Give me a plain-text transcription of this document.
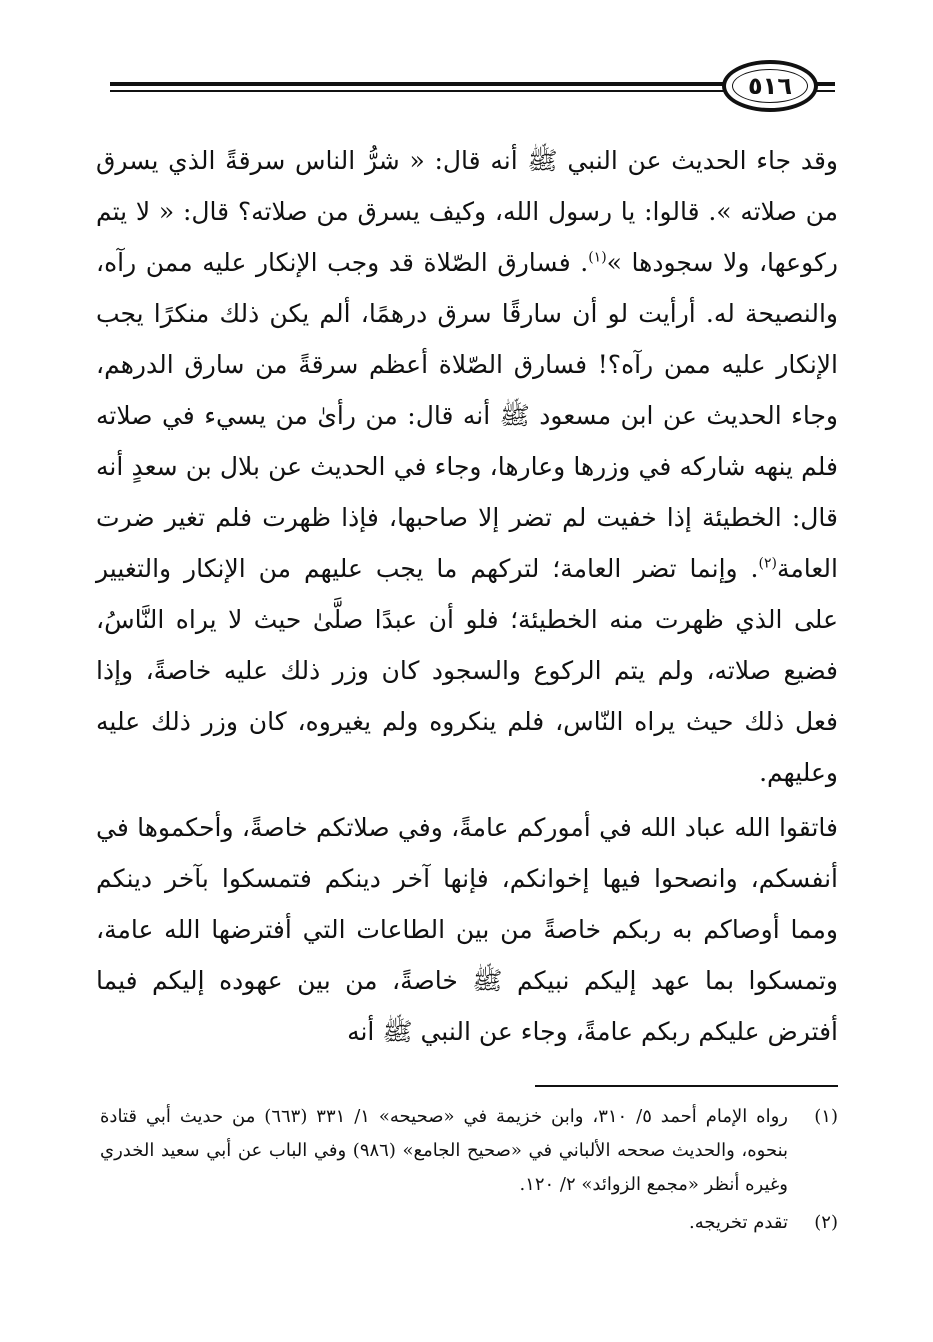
٥١٦

وقد جاء الحديث عن النبي ﷺ أنه قال: « شرُّ الناس سرقةً الذي يسرق من صلاته ». قالوا: يا رسول الله، وكيف يسرق من صلاته؟ قال: « لا يتم ركوعها، ولا سجودها »$^{(١)}$. فسارق الصّلاة قد وجب الإنكار عليه ممن رآه، والنصيحة له. أرأيت لو أن سارقًا سرق درهمًا، ألم يكن ذلك منكرًا يجب الإنكار عليه ممن رآه؟! فسارق الصّلاة أعظم سرقةً من سارق الدرهم، وجاء الحديث عن ابن مسعود ﷺ أنه قال: من رأىٰ من يسيء في صلاته فلم ينهه شاركه في وزرها وعارها، وجاء في الحديث عن بلال بن سعدٍ أنه قال: الخطيئة إذا خفيت لم تضر إلا صاحبها، فإذا ظهرت فلم تغير ضرت العامة$^{(٢)}$. وإنما تضر العامة؛ لتركهم ما يجب عليهم من الإنكار والتغيير على الذي ظهرت منه الخطيئة؛ فلو أن عبدًا صلَّىٰ حيث لا يراه النَّاسُ، فضيع صلاته، ولم يتم الركوع والسجود كان وزر ذلك عليه خاصةً، وإذا فعل ذلك حيث يراه النّاس، فلم ينكروه ولم يغيروه، كان وزر ذلك عليه وعليهم.

فاتقوا الله عباد الله في أموركم عامةً، وفي صلاتكم خاصةً، وأحكموها في أنفسكم، وانصحوا فيها إخوانكم، فإنها آخر دينكم فتمسكوا بآخر دينكم ومما أوصاكم به ربكم خاصةً من بين الطاعات التي أفترضها الله عامة، وتمسكوا بما عهد إليكم نبيكم ﷺ خاصةً، من بين عهوده إليكم فيما أفترض عليكم ربكم عامةً، وجاء عن النبي ﷺ أنه

(١)
رواه الإمام أحمد ٥/ ٣١٠، وابن خزيمة في «صحيحه» ١/ ٣٣١ (٦٦٣) من حديث أبي قتادة بنحوه، والحديث صححه الألباني في «صحيح الجامع» (٩٨٦) وفي الباب عن أبي سعيد الخدري وغيره أنظر «مجمع الزوائد» ٢/ ١٢٠.
(٢)
تقدم تخريجه.
